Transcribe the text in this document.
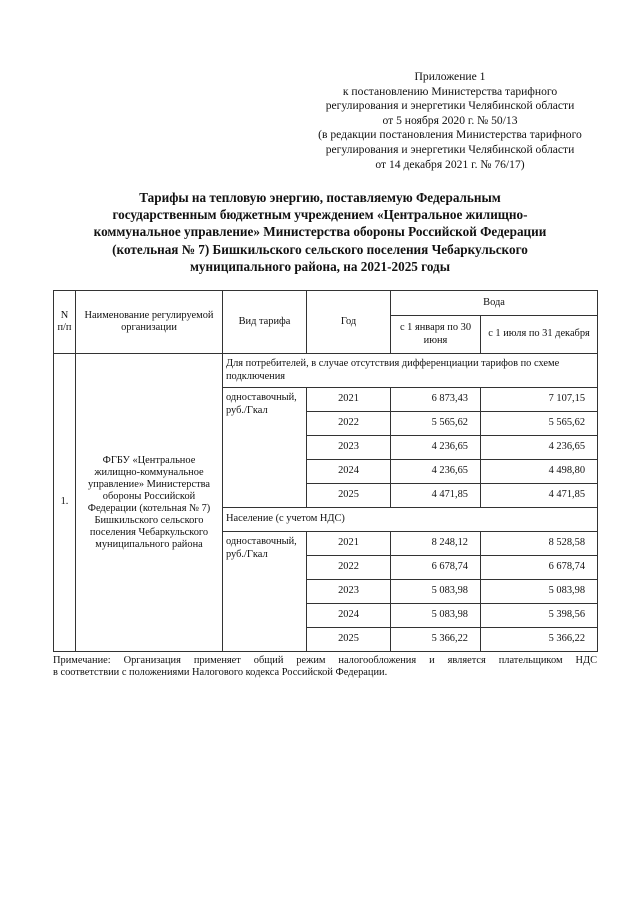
Приложение 1
к постановлению Министерства тарифного
регулирования и энергетики Челябинской области
от 5 ноября 2020 г. № 50/13
(в редакции постановления Министерства тарифного
регулирования и энергетики Челябинской области
от 14 декабря 2021 г. № 76/17)
Тарифы на тепловую энергию, поставляемую Федеральным
государственным бюджетным учреждением «Центральное жилищно-
коммунальное управление» Министерства обороны Российской Федерации
(котельная № 7) Бишкильского сельского поселения Чебаркульского
муниципального района, на 2021-2025 годы
N п/п	Наименование регулируемой организации	Вид тарифа	Год	Вода	
				с 1 января по 30 июня	с 1 июля по 31 декабря
1.	ФГБУ «Центральное жилищно-коммунальное управление» Министерства обороны Российской Федерации (котельная № 7) Бишкильского сельского поселения Чебаркульского муниципального района	Для потребителей, в случае отсутствия дифференциации тарифов по схеме подключения			
		одноставочный, руб./Гкал	2021	6 873,43	7 107,15
			2022	5 565,62	5 565,62
			2023	4 236,65	4 236,65
			2024	4 236,65	4 498,80
			2025	4 471,85	4 471,85
		Население (с учетом НДС)			
		одноставочный, руб./Гкал	2021	8 248,12	8 528,58
			2022	6 678,74	6 678,74
			2023	5 083,98	5 083,98
			2024	5 083,98	5 398,56
			2025	5 366,22	5 366,22
Примечание: Организация применяет общий режим налогообложения и является плательщиком НДС
в соответствии с положениями Налогового кодекса Российской Федерации.
